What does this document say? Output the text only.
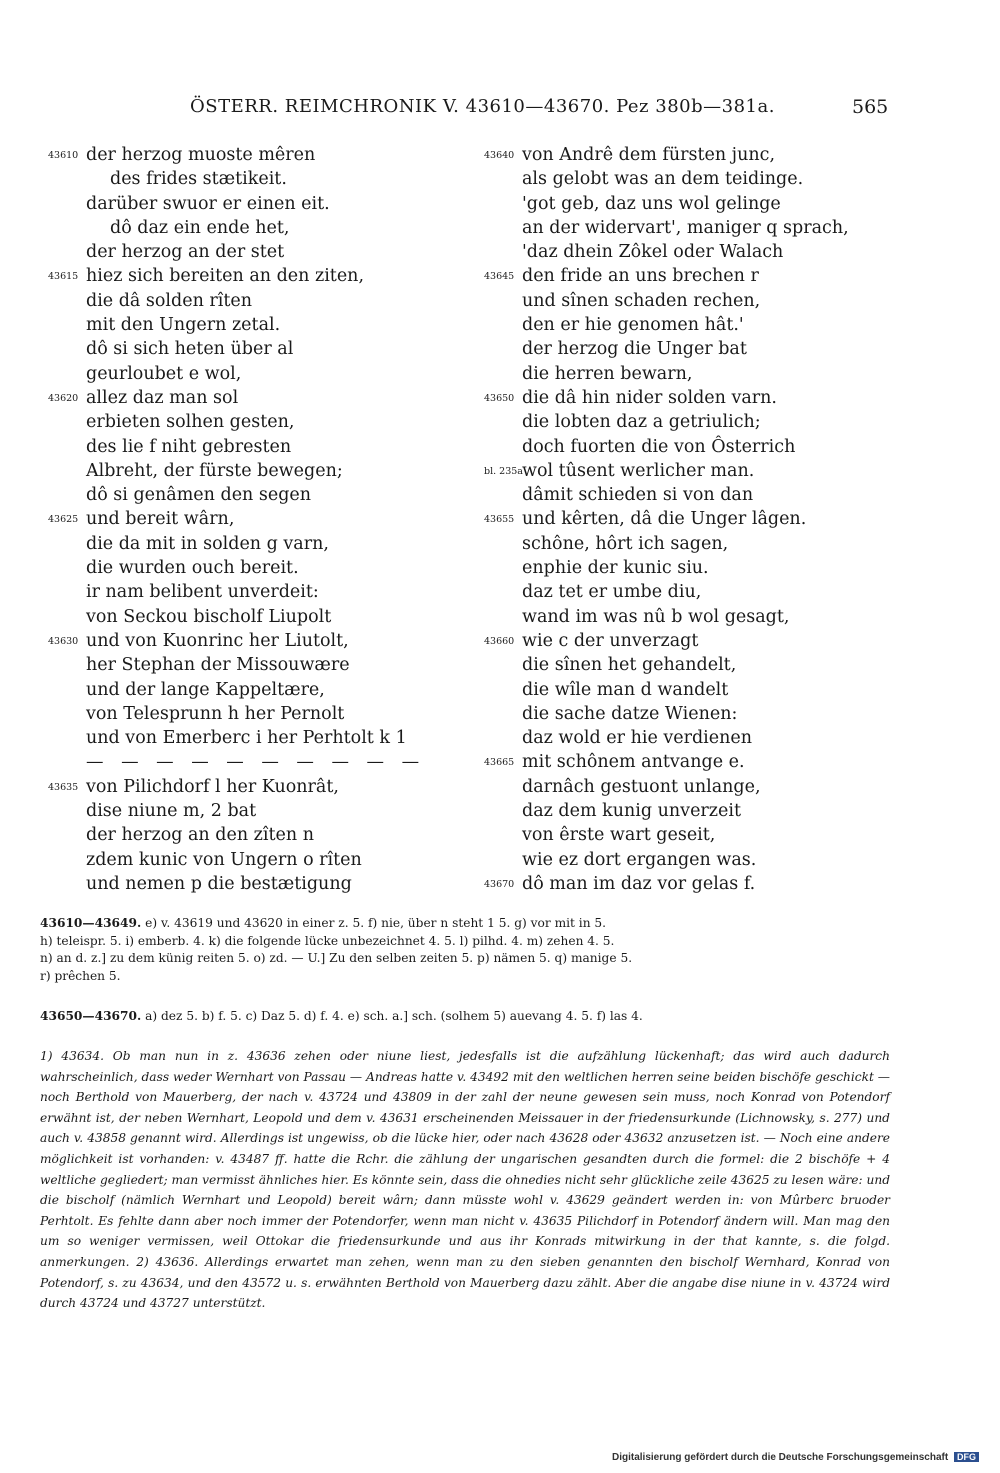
ÖSTERR. REIMCHRONIK V. 43610—43670. Pez 380b—381a.	565
43610 der herzog muoste mêren
des frides stætikeit.
darüber swuor er einen eit.
dô daz ein ende het,
der herzog an der stet
43615 hiez sich bereiten an den ziten,
die dâ solden rîten
mit den Ungern zetal.
dô si sich heten über al
geurloubet e wol,
43620 allez daz man sol
erbieten solhen gesten,
des lie f niht gebresten
Albreht, der fürste bewegen;
dô si genâmen den segen
43625 und bereit wârn,
die da mit in solden g varn,
die wurden ouch bereit.
ir nam belibent unverdeit:
von Seckou bischolf Liupolt
43630 und von Kuonrinc her Liutolt,
her Stephan der Missouwære
und der lange Kappeltære,
von Telesprunn h her Pernolt
und von Emerberc i her Perhtolt k 1
— — — — — — — — — —
43635 von Pilichdorf l her Kuonrât,
dise niune m, 2 bat
der herzog an den zîten n
zdem kunic von Ungern o rîten
und nemen p die bestætigung
43640 von Andrê dem fürsten junc,
als gelobt was an dem teidinge.
'got geb, daz uns wol gelinge
an der widervart', maniger q sprach,
'daz dhein Zôkel oder Walach
43645 den fride an uns brechen r
und sînen schaden rechen,
den er hie genomen hât.'
der herzog die Unger bat
die herren bewarn,
43650 die dâ hin nider solden varn.
die lobten daz a getriulich;
doch fuorten die von Ôsterrich
bl. 235a wol tûsent werlicher man.
dâmit schieden si von dan
43655 und kêrten, dâ die Unger lâgen.
schône, hôrt ich sagen,
enphie der kunic siu.
daz tet er umbe diu,
wand im was nû b wol gesagt,
43660 wie c der unverzagt
die sînen het gehandelt,
die wîle man d wandelt
die sache datze Wienen:
daz wold er hie verdienen
43665 mit schônem antvange e.
darnâch gestuont unlange,
daz dem kunig unverzeit
von êrste wart geseit,
wie ez dort ergangen was.
43670 dô man im daz vor gelas f.
43610—43649. e) v. 43619 und 43620 in einer z. 5. f) nie, über n steht 1 5. g) vor mit in 5.
h) teleispr. 5. i) emberb. 4. k) die folgende lücke unbezeichnet 4. 5. l) pilhd. 4. m) zehen 4. 5.
n) an d. z.] zu dem künig reiten 5. o) zd. — U.] Zu den selben zeiten 5. p) nämen 5. q) manige 5.
r) prêchen 5.
43650—43670. a) dez 5. b) f. 5. c) Daz 5. d) f. 4. e) sch. a.] sch. (solhem 5) auevang 4. 5. f) las 4.
1) 43634. Ob man nun in z. 43636 zehen oder niune liest, jedesfalls ist die aufzählung lückenhaft; das wird auch dadurch wahrscheinlich, dass weder Wernhart von Passau — Andreas hatte v. 43492 mit den weltlichen herren seine beiden bischöfe geschickt — noch Berthold von Mauerberg, der nach v. 43724 und 43809 in der zahl der neune gewesen sein muss, noch Konrad von Potendorf erwähnt ist, der neben Wernhart, Leopold und dem v. 43631 erscheinenden Meissauer in der friedensurkunde (Lichnowsky, s. 277) und auch v. 43858 genannt wird. Allerdings ist ungewiss, ob die lücke hier, oder nach 43628 oder 43632 anzusetzen ist. — Noch eine andere möglichkeit ist vorhanden: v. 43487 ff. hatte die Rchr. die zählung der ungarischen gesandten durch die formel: die 2 bischöfe + 4 weltliche gegliedert; man vermisst ähnliches hier. Es könnte sein, dass die ohnedies nicht sehr glückliche zeile 43625 zu lesen wäre: und die bischolf (nämlich Wernhart und Leopold) bereit wârn; dann müsste wohl v. 43629 geändert werden in: von Mûrberc bruoder Perhtolt. Es fehlte dann aber noch immer der Potendorfer, wenn man nicht v. 43635 Pilichdorf in Potendorf ändern will. Man mag den um so weniger vermissen, weil Ottokar die friedensurkunde und aus ihr Konrads mitwirkung in der that kannte, s. die folgd. anmerkungen. 2) 43636. Allerdings erwartet man zehen, wenn man zu den sieben genannten den bischolf Wernhard, Konrad von Potendorf, s. zu 43634, und den 43572 u. s. erwähnten Berthold von Mauerberg dazu zählt. Aber die angabe dise niune in v. 43724 wird durch 43724 und 43727 unterstützt.
Digitalisierung gefördert durch die Deutsche Forschungsgemeinschaft DFG
